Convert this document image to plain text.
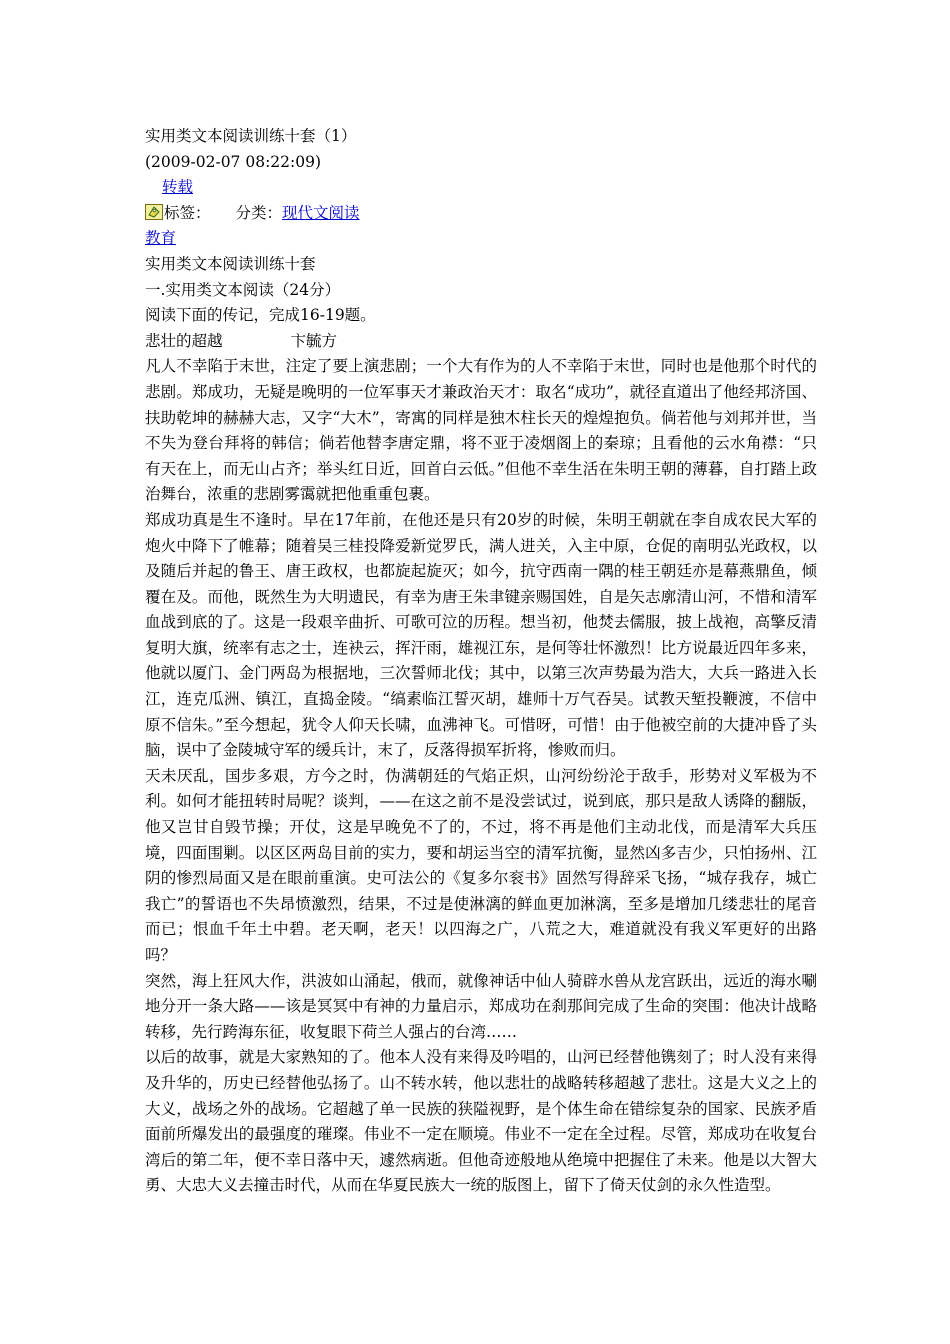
实用类文本阅读训练十套（1）
(2009-02-07 08:22:09)
转载
标签： 分类：现代文阅读
教育
实用类文本阅读训练十套
一.实用类文本阅读（24分）
阅读下面的传记，完成16-19题。
悲壮的超越	卞毓方
凡人不幸陷于末世，注定了要上演悲剧；一个大有作为的人不幸陷于末世，同时也是他那个时代的悲剧。郑成功，无疑是晚明的一位军事天才兼政治天才：取名“成功”，就径直道出了他经邦济国、扶助乾坤的赫赫大志，又字“大木”，寄寓的同样是独木柱长天的煌煌抱负。倘若他与刘邦并世，当不失为登台拜将的韩信；倘若他替李唐定鼎，将不亚于凌烟阁上的秦琼；且看他的云水角襟：“只有天在上，而无山占齐；举头红日近，回首白云低。”但他不幸生活在朱明王朝的薄暮，自打踏上政治舞台，浓重的悲剧雾霭就把他重重包裹。
郑成功真是生不逢时。早在17年前，在他还是只有20岁的时候，朱明王朝就在李自成农民大军的炮火中降下了帷幕；随着吴三桂投降爱新觉罗氏，满人进关，入主中原，仓促的南明弘光政权，以及随后并起的鲁王、唐王政权，也都旋起旋灭；如今，抗守西南一隅的桂王朝廷亦是幕燕鼎鱼，倾覆在及。而他，既然生为大明遗民，有幸为唐王朱聿键亲赐国姓，自是矢志廓清山河，不惜和清军血战到底的了。这是一段艰辛曲折、可歌可泣的历程。想当初，他焚去儒服，披上战袍，高擎反清复明大旗，统率有志之士，连袂云，挥汗雨，雄视江东，是何等壮怀激烈！比方说最近四年多来，他就以厦门、金门两岛为根据地，三次誓师北伐；其中，以第三次声势最为浩大，大兵一路进入长江，连克瓜洲、镇江，直捣金陵。“缟素临江誓灭胡，雄师十万气吞吴。试教天堑投鞭渡，不信中原不信朱。”至今想起，犹令人仰天长啸，血沸神飞。可惜呀，可惜！由于他被空前的大捷冲昏了头脑，误中了金陵城守军的缓兵计，末了，反落得损军折将，惨败而归。
天未厌乱，国步多艰，方今之时，伪满朝廷的气焰正炽，山河纷纷沦于敌手，形势对义军极为不利。如何才能扭转时局呢？谈判，——在这之前不是没尝试过，说到底，那只是敌人诱降的翻版，他又岂甘自毁节操；开仗，这是早晚免不了的，不过，将不再是他们主动北伐，而是清军大兵压境，四面围剿。以区区两岛目前的实力，要和胡运当空的清军抗衡，显然凶多吉少，只怕扬州、江阴的惨烈局面又是在眼前重演。史可法公的《复多尔衮书》固然写得辞采飞扬，“城存我存，城亡我亡”的誓语也不失昂愤激烈，结果，不过是使淋漓的鲜血更加淋漓，至多是增加几缕悲壮的尾音而已；恨血千年土中碧。老天啊，老天！以四海之广，八荒之大，难道就没有我义军更好的出路吗？
突然，海上狂风大作，洪波如山涌起，俄而，就像神话中仙人骑辟水兽从龙宫跃出，远近的海水唰地分开一条大路——该是冥冥中有神的力量启示，郑成功在刹那间完成了生命的突围：他决计战略转移，先行跨海东征，收复眼下荷兰人强占的台湾……
以后的故事，就是大家熟知的了。他本人没有来得及吟唱的，山河已经替他镌刻了；时人没有来得及升华的，历史已经替他弘扬了。山不转水转，他以悲壮的战略转移超越了悲壮。这是大义之上的大义，战场之外的战场。它超越了单一民族的狭隘视野，是个体生命在错综复杂的国家、民族矛盾面前所爆发出的最强度的璀璨。伟业不一定在顺境。伟业不一定在全过程。尽管，郑成功在收复台湾后的第二年，便不幸日落中天，遽然病逝。但他奇迹般地从绝境中把握住了未来。他是以大智大勇、大忠大义去撞击时代，从而在华夏民族大一统的版图上，留下了倚天仗剑的永久性造型。
